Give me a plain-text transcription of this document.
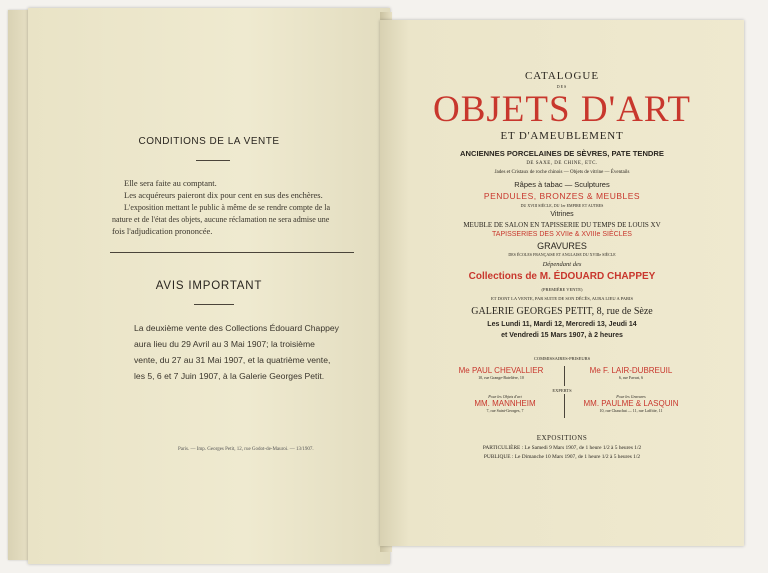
CONDITIONS DE LA VENTE
Elle sera faite au comptant.
Les acquéreurs paieront dix pour cent en sus des enchères.
L'exposition mettant le public à même de se rendre compte de la
nature et de l'état des objets, aucune réclamation ne sera admise une
fois l'adjudication prononcée.
AVIS IMPORTANT
La deuxième vente des Collections Édouard Chappey
aura lieu du 29 Avril au 3 Mai 1907; la troisième
vente, du 27 au 31 Mai 1907, et la quatrième vente,
les 5, 6 et 7 Juin 1907, à la Galerie Georges Petit.
Paris. — Imp. Georges Petit, 12, rue Godot-de-Mauroi. — 13/1907.
CATALOGUE
DES
OBJETS D'ART
ET D'AMEUBLEMENT
ANCIENNES PORCELAINES DE SÈVRES, PATE TENDRE
DE SAXE, DE CHINE, ETC.
Jades et Cristaux de roche chinois — Objets de vitrine — Éventails
Râpes à tabac — Sculptures
PENDULES, BRONZES & MEUBLES
DU XVIII SIÈCLE, DU 1er EMPIRE ET AUTRES
Vitrines
MEUBLE DE SALON EN TAPISSERIE DU TEMPS DE LOUIS XV
TAPISSERIES DES XVIIe & XVIIIe SIÈCLES
GRAVURES
DES ÉCOLES FRANÇAISE ET ANGLAISE DU XVIIIe SIÈCLE
Dépendant des
Collections de M. ÉDOUARD CHAPPEY
(PREMIÈRE VENTE)
ET DONT LA VENTE, PAR SUITE DE SON DÉCÈS, AURA LIEU A PARIS
GALERIE GEORGES PETIT, 8, rue de Sèze
Les Lundi 11, Mardi 12, Mercredi 13, Jeudi 14
et Vendredi 15 Mars 1907, à 2 heures
COMMISSAIRES-PRISEURS
Me PAUL CHEVALLIER
10, rue Grange-Batelière, 10
Me F. LAIR-DUBREUIL
6, rue Favart, 6
EXPERTS
Pour les Objets d'art
MM. MANNHEIM
7, rue Saint-Georges, 7
Pour les Gravures
MM. PAULME & LASQUIN
10, rue Chauchat — 11, rue Laffitte, 11
EXPOSITIONS
PARTICULIÈRE : Le Samedi 9 Mars 1907, de 1 heure 1/2 à 5 heures 1/2
PUBLIQUE : Le Dimanche 10 Mars 1907, de 1 heure 1/2 à 5 heures 1/2
